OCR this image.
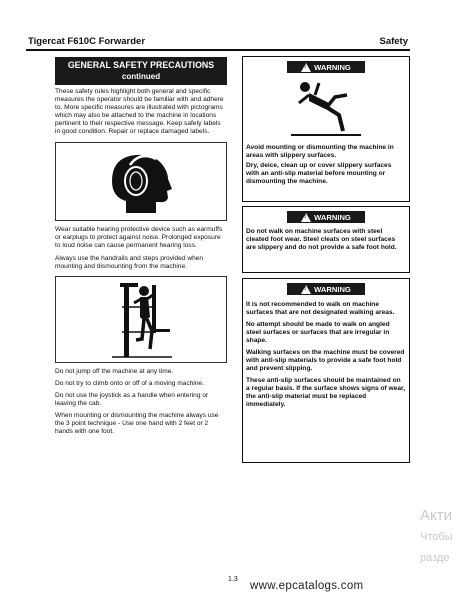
Tigercat F610C Forwarder	Safety
GENERAL SAFETY PRECAUTIONS
continued

These safety rules highlight both general and specific measures the operator should be familiar with and adhere to. More specific measures are illustrated with pictograms which may also be attached to the machine in locations pertinent to their respective message. Keep safety labels in good condition. Repair or replace damaged labels.

Wear suitable hearing protective device such as earmuffs or earplugs to protect against noise. Prolonged exposure to loud noise can cause permanent hearing loss.

Always use the handrails and steps provided when mounting and dismounting from the machine.

Do not jump off the machine at any time.

Do not try to climb onto or off of a moving machine.

Do not use the joystick as a handle when entering or leaving the cab.

When mounting or dismounting the machine always use the 3 point technique - Use one hand with 2 feet or 2 hands with one foot.

! WARNING

Avoid mounting or dismounting the machine in areas with slippery surfaces.

Dry, deice, clean up or cover slippery surfaces with an anti-slip material before mounting or dismounting the machine.

! WARNING

Do not walk on machine surfaces with steel cleated foot wear. Steel cleats on steel surfaces are slippery and do not provide a safe foot hold.

! WARNING

It is not recommended to walk on machine surfaces that are not designated walking areas.

No attempt should be made to walk on angled steel surfaces or surfaces that are irregular in shape.

Walking surfaces on the machine must be covered with anti-slip materials to provide a safe foot hold and prevent slipping.

These anti-slip surfaces should be maintained on a regular basis. If the surface shows signs of wear, the anti-slip material must be replaced immediately.

1.3
www.epcatalogs.com
Акти
Чтобы
разде
